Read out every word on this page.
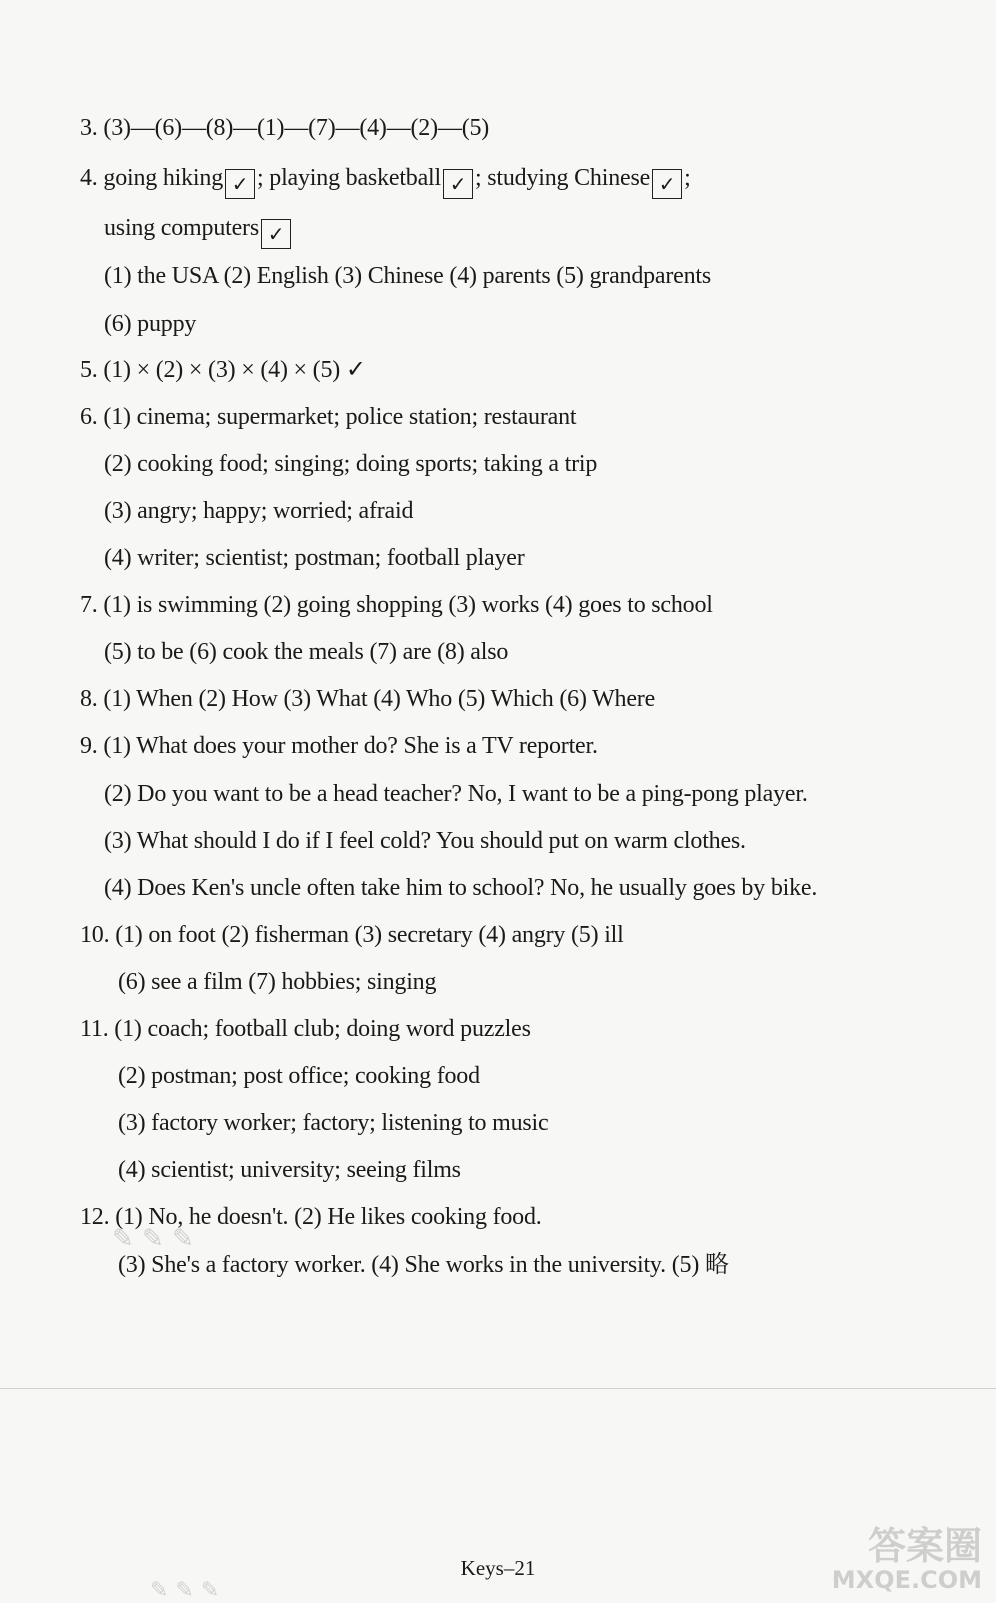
3. (3)—(6)—(8)—(1)—(7)—(4)—(2)—(5)
4. going hiking ✓ ; playing basketball ✓ ; studying Chinese ✓ ;
using computers ✓
(1) the USA (2) English (3) Chinese (4) parents (5) grandparents
(6) puppy
5. (1) × (2) × (3) × (4) × (5) ✓
6. (1) cinema; supermarket; police station; restaurant
(2) cooking food; singing; doing sports; taking a trip
(3) angry; happy; worried; afraid
(4) writer; scientist; postman; football player
7. (1) is swimming (2) going shopping (3) works (4) goes to school
(5) to be (6) cook the meals (7) are (8) also
8. (1) When (2) How (3) What (4) Who (5) Which (6) Where
9. (1) What does your mother do? She is a TV reporter.
(2) Do you want to be a head teacher? No, I want to be a ping-pong player.
(3) What should I do if I feel cold? You should put on warm clothes.
(4) Does Ken's uncle often take him to school? No, he usually goes by bike.
10. (1) on foot (2) fisherman (3) secretary (4) angry (5) ill
(6) see a film (7) hobbies; singing
11. (1) coach; football club; doing word puzzles
(2) postman; post office; cooking food
(3) factory worker; factory; listening to music
(4) scientist; university; seeing films
12. (1) No, he doesn't. (2) He likes cooking food.
(3) She's a factory worker. (4) She works in the university. (5) 略
✎ ✎ ✎
Keys–21
✎ ✎ ✎
答案圈
MXQE.COM
